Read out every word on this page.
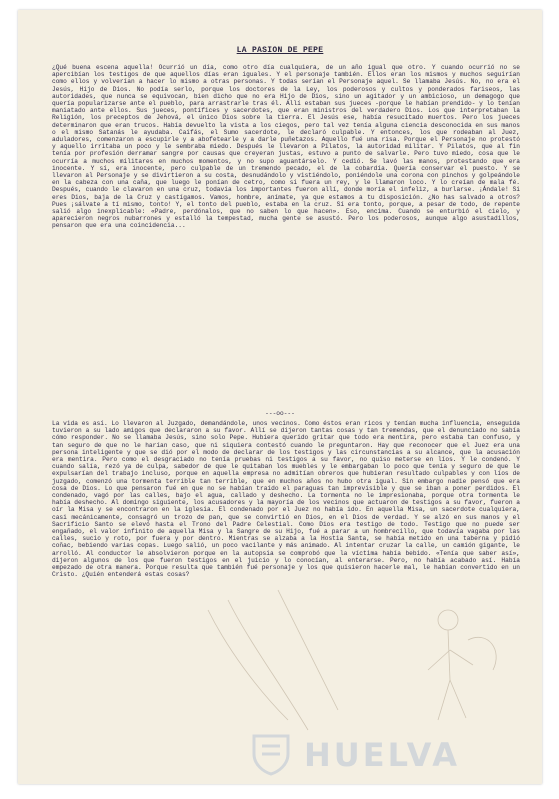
LA PASION DE PEPE
¿Qué buena escena aquella! Ocurrió un día, como otro día cualquiera, de un año igual que otro. Y cuando ocurrió no se apercibían los testigos de que aquellos días eran iguales. Y el personaje también. Ellos eran los mismos y muchos seguirían como ellos y volverían a hacer lo mismo a otras personas. Y todas serían el Personaje aquel. Se llamaba Jesús. No, no era el Jesús, Hijo de Dios. No podía serlo, porque los doctores de la Ley, los poderosos y cultos y ponderados fariseos, las autoridades, que nunca se equivocan, bien dicho que no era Hijo de Dios, sino un agitador y un ambicioso, un demagogo que quería popularizarse ante el pueblo, para arrastrarle tras él. Allí estaban sus jueces -porque le habían prendido- y lo tenían maniatado ante ellos. Sus jueces, pontífices y sacerdotes, que eran ministros del verdadero Dios. Los que interpretaban la Religión, los preceptos de Jehová, el único Dios sobre la tierra. El Jesús ese, había resucitado muertos. Pero los jueces determinaron que eran trucos. Había devuelto la vista a los ciegos, pero tal vez tenía alguna ciencia desconocida en sus manos o el mismo Satanás le ayudaba. Caifás, el Sumo sacerdote, le declaró culpable. Y entonces, los que rodeaban al Juez, aduladores, comenzaron a escupirle y a abofetearle y a darle puñetazos. Aquello fué una risa. Porque el Personaje no protestó y aquello irritaba un poco y le sembraba miedo. Después le llevaron a Pilatos, la autoridad militar. Y Pilatos, que al fin tenía por profesión derramar sangre por causas que creyeran justas, estuvo a punto de salvarle. Pero tuvo miedo, cosa que le ocurría a muchos militares en muchos momentos, y no supo aguantárselo. Y cedió. Se lavó las manos, protestando que era inocente. Y sí, era inocente, pero culpable de un tremendo pecado, el de la cobardía. Quería conservar el puesto. Y se llevaron al Personaje y se divirtieron a su costa, desnudándolo y vistiéndolo, poniéndole una corona con pinchos y golpeándole en la cabeza con una caña, que luego le ponían de cetro, como si fuera un rey, y le llamaron loco. Y lo creían de mala fé. Después, cuando le clavaron en una cruz, todavía los importantes fueron allí, donde moría el infeliz, a burlarse. ¡Ándale! Si eres Dios, baja de la Cruz y castígamos. Vamos, hombre, anímate, ya que estamos a tu disposición. ¿No has salvado a otros? Pues ¡sálvate a tí mismo, tonto! Y, el tonto del pueblo, estaba en la cruz. Sí era tonto, porque, a pesar de todo, de repente salió algo inexplicable: «Padre, perdónalos, que no saben lo que hacen». Eso, encima. Cuando se enturbió el cielo, y aparecieron negros nubarrones y estalló la tempestad, mucha gente se asustó. Pero los poderosos, aunque algo asustadillos, pensaron que era una coincidencia...
---oo---
La vida es así. Lo llevaron al Juzgado, demandándole, unos vecinos. Como éstos eran ricos y tenían mucha influencia, enseguida tuvieron a su lado amigos que declararon a su favor. Allí se dijeron tantas cosas y tan tremendas, que el denunciado no sabía cómo responder. No se llamaba Jesús, sino solo Pepe. Hubiera querido gritar que todo era mentira, pero estaba tan confuso, y tan seguro de que no le harían caso, que ni siquiera contestó cuando le preguntaron. Hay que reconocer que el Juez era una persona inteligente y que se dió por el modo de declarar de los testigos y las circunstancias a su alcance, que la acusación era mentira. Pero como el desgraciado no tenía pruebas ni testigos a su favor, no quiso meterse en líos. Y le condenó. Y cuando salía, rezó ya de culpa, sabedor de que le quitaban los muebles y le embargaban lo poco que tenía y seguro de que le expulsarían del trabajo incluso, porque en aquella empresa no admitían obreros que hubieran resultado culpables y con líos de juzgado, comenzó una tormenta terrible tan terrible, que en muchos años no hubo otra igual. Sin embargo nadie pensó que era cosa de Dios. Lo que pensaron fué en que no se habían traído el paraguas tan imprevisible y que se iban a poner perdidos. El condenado, vagó por las calles, bajo el agua, callado y deshecho. La tormenta no le impresionaba, porque otra tormenta le había deshecho. Al domingo siguiente, los acusadores y la mayoría de los vecinos que actuaron de testigos a su favor, fueron a oír la Misa y se encontraron en la iglesia. El condenado por el Juez no había ido. En aquella Misa, un sacerdote cualquiera, casi mecánicamente, consagró un trozo de pan, que se convirtió en Dios, en el Dios de verdad. Y se alzó en sus manos y el Sacrificio Santo se elevó hasta el Trono del Padre Celestial. Como Dios era testigo de todo. Testigo que no puede ser engañado, el valor infinito de aquella Misa y la Sangre de su Hijo, fué a parar a un hombrecillo, que todavía vagaba por las calles, sucio y roto, por fuera y por dentro. Mientras se alzaba a la Hostia Santa, se había metido en una taberna y pidió coñac, bebiendo varias copas. Luego salió, un poco vacilante y más animado. Al intentar cruzar la calle, un camión gigante, le arrolló. Al conductor le absolvieron porque en la autopsia se comprobó que la víctima había bebido. «Tenía que saber así», dijeron algunos de los que fueron testigos en el juicio y lo conocían, al enterarse. Pero, no había acabado así. Había empezado de otra manera. Porque resulta que también fué personaje y los que quisieron hacerle mal, le habían convertido en un Cristo. ¿Quién entenderá estas cosas?
HUELVA
